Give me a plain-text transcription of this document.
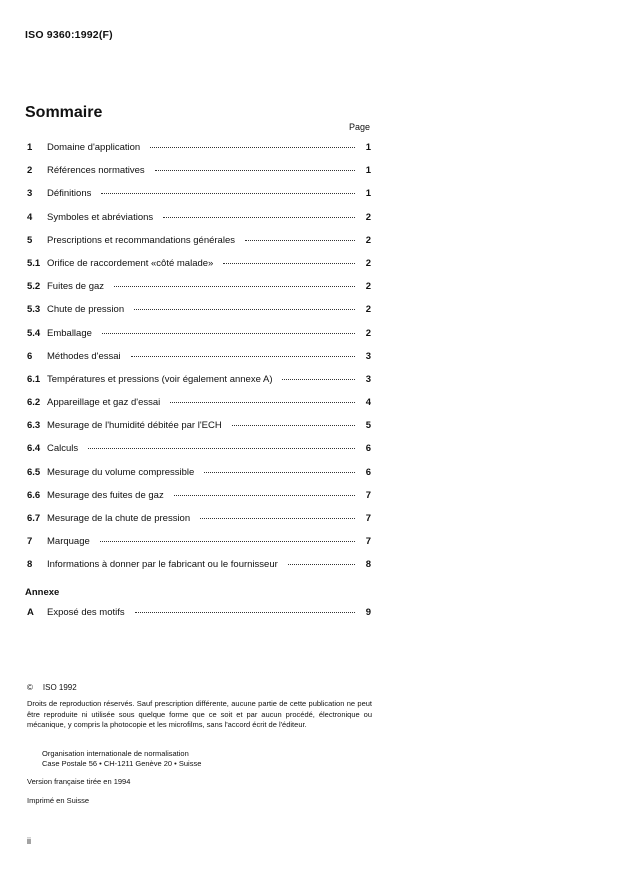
ISO 9360:1992(F)
Sommaire
Page
1	Domaine d'application	1
2	Références normatives	1
3	Définitions	1
4	Symboles et abréviations	2
5	Prescriptions et recommandations générales	2
5.1 Orifice de raccordement «côté malade»	2
5.2 Fuites de gaz	2
5.3 Chute de pression	2
5.4 Emballage	2
6	Méthodes d'essai	3
6.1 Températures et pressions (voir également annexe A)	3
6.2 Appareillage et gaz d'essai	4
6.3 Mesurage de l'humidité débitée par l'ECH	5
6.4 Calculs	6
6.5 Mesurage du volume compressible	6
6.6 Mesurage des fuites de gaz	7
6.7 Mesurage de la chute de pression	7
7	Marquage	7
8	Informations à donner par le fabricant ou le fournisseur	8
Annexe
A	Exposé des motifs	9
© ISO 1992
Droits de reproduction réservés. Sauf prescription différente, aucune partie de cette publication ne peut être reproduite ni utilisée sous quelque forme que ce soit et par aucun procédé, électronique ou mécanique, y compris la photocopie et les microfilms, sans l'accord écrit de l'éditeur.
Organisation internationale de normalisation
Case Postale 56 • CH-1211 Genève 20 • Suisse
Version française tirée en 1994
Imprimé en Suisse
ii
